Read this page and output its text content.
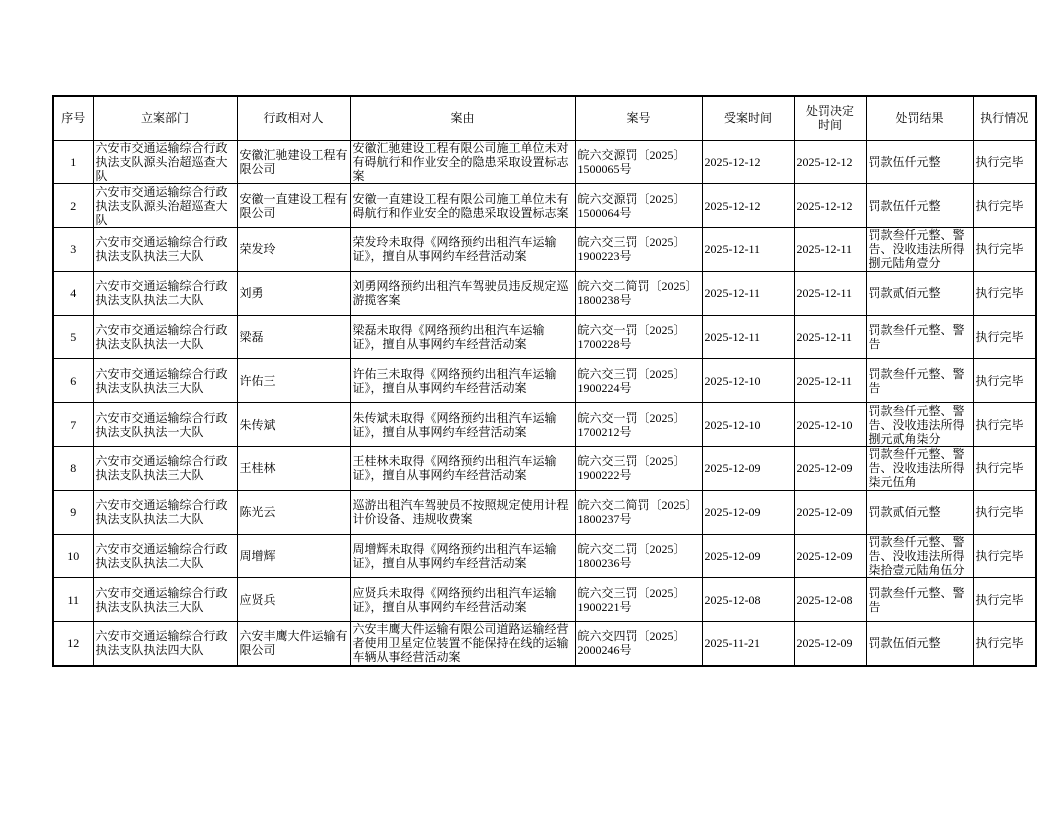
序号	立案部门	行政相对人	案由	案号	受案时间	处罚决定时间	处罚结果	执行情况

1	六安市交通运输综合行政执法支队源头治超巡查大队	安徽汇驰建设工程有限公司	安徽汇驰建设工程有限公司施工单位未对有碍航行和作业安全的隐患采取设置标志案	皖六交源罚〔2025〕1500065号	2025-12-12	2025-12-12	罚款伍仟元整	执行完毕

2	六安市交通运输综合行政执法支队源头治超巡查大队	安徽一直建设工程有限公司	安徽一直建设工程有限公司施工单位未有碍航行和作业安全的隐患采取设置标志案	皖六交源罚〔2025〕1500064号	2025-12-12	2025-12-12	罚款伍仟元整	执行完毕

3	六安市交通运输综合行政执法支队执法三大队	荣发玲	荣发玲未取得《网络预约出租汽车运输证》，擅自从事网约车经营活动案	皖六交三罚〔2025〕1900223号	2025-12-11	2025-12-11	罚款叁仟元整、警告、没收违法所得捌元陆角壹分	执行完毕

4	六安市交通运输综合行政执法支队执法二大队	刘勇	刘勇网络预约出租汽车驾驶员违反规定巡游揽客案	皖六交二简罚〔2025〕1800238号	2025-12-11	2025-12-11	罚款贰佰元整	执行完毕

5	六安市交通运输综合行政执法支队执法一大队	梁磊	梁磊未取得《网络预约出租汽车运输证》，擅自从事网约车经营活动案	皖六交一罚〔2025〕1700228号	2025-12-11	2025-12-11	罚款叁仟元整、警告	执行完毕

6	六安市交通运输综合行政执法支队执法三大队	许佑三	许佑三未取得《网络预约出租汽车运输证》，擅自从事网约车经营活动案	皖六交三罚〔2025〕1900224号	2025-12-10	2025-12-11	罚款叁仟元整、警告	执行完毕

7	六安市交通运输综合行政执法支队执法一大队	朱传斌	朱传斌未取得《网络预约出租汽车运输证》，擅自从事网约车经营活动案	皖六交一罚〔2025〕1700212号	2025-12-10	2025-12-10	罚款叁仟元整、警告、没收违法所得捌元贰角柒分	执行完毕

8	六安市交通运输综合行政执法支队执法三大队	王桂林	王桂林未取得《网络预约出租汽车运输证》，擅自从事网约车经营活动案	皖六交三罚〔2025〕1900222号	2025-12-09	2025-12-09	罚款叁仟元整、警告、没收违法所得柒元伍角	执行完毕

9	六安市交通运输综合行政执法支队执法二大队	陈光云	巡游出租汽车驾驶员不按照规定使用计程计价设备、违规收费案	皖六交二简罚〔2025〕1800237号	2025-12-09	2025-12-09	罚款贰佰元整	执行完毕

10	六安市交通运输综合行政执法支队执法二大队	周增辉	周增辉未取得《网络预约出租汽车运输证》，擅自从事网约车经营活动案	皖六交二罚〔2025〕1800236号	2025-12-09	2025-12-09	罚款叁仟元整、警告、没收违法所得柒拾壹元陆角伍分	执行完毕

11	六安市交通运输综合行政执法支队执法三大队	应贤兵	应贤兵未取得《网络预约出租汽车运输证》，擅自从事网约车经营活动案	皖六交三罚〔2025〕1900221号	2025-12-08	2025-12-08	罚款叁仟元整、警告	执行完毕

12	六安市交通运输综合行政执法支队执法四大队	六安丰鹰大件运输有限公司	六安丰鹰大件运输有限公司道路运输经营者使用卫星定位装置不能保持在线的运输车辆从事经营活动案	皖六交四罚〔2025〕2000246号	2025-11-21	2025-12-09	罚款伍佰元整	执行完毕
